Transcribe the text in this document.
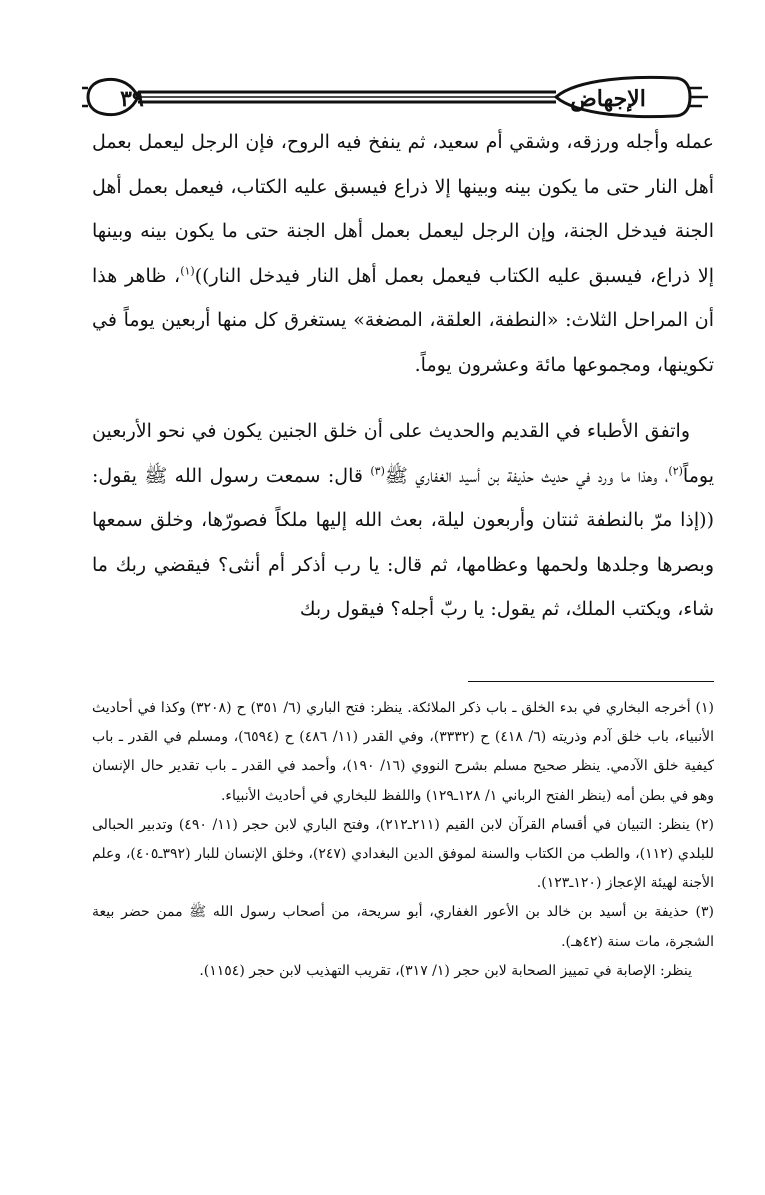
الإجهاض
٣٩

عمله وأجله ورزقه، وشقي أم سعيد، ثم ينفخ فيه الروح، فإن الرجل ليعمل بعمل أهل النار حتى ما يكون بينه وبينها إلا ذراع فيسبق عليه الكتاب، فيعمل بعمل أهل الجنة فيدخل الجنة، وإن الرجل ليعمل بعمل أهل الجنة حتى ما يكون بينه وبينها إلا ذراع، فيسبق عليه الكتاب فيعمل بعمل أهل النار فيدخل النار))$^{(١)}$، ظاهر هذا أن المراحل الثلاث: «النطفة، العلقة، المضغة» يستغرق كل منها أربعين يوماً في تكوينها، ومجموعها مائة وعشرون يوماً.

واتفق الأطباء في القديم والحديث على أن خلق الجنين يكون في نحو الأربعين يوماً$^{(٢)}$، وهذا ما ورد في حديث حذيفة بن أسيد الغفاري ﷺ$^{(٣)}$ قال: سمعت رسول الله ﷺ يقول: ((إذا مرّ بالنطفة ثنتان وأربعون ليلة، بعث الله إليها ملكاً فصورّها، وخلق سمعها وبصرها وجلدها ولحمها وعظامها، ثم قال: يا رب أذكر أم أنثى؟ فيقضي ربك ما شاء، ويكتب الملك، ثم يقول: يا ربّ أجله؟ فيقول ربك

(١) أخرجه البخاري في بدء الخلق ـ باب ذكر الملائكة. ينظر: فتح الباري (٦/ ٣٥١) ح (٣٢٠٨) وكذا في أحاديث الأنبياء، باب خلق آدم وذريته (٦/ ٤١٨) ح (٣٣٣٢)، وفي القدر (١١/ ٤٨٦) ح (٦٥٩٤)، ومسلم في القدر ـ باب كيفية خلق الآدمي. ينظر صحيح مسلم بشرح النووي (١٦/ ١٩٠)، وأحمد في القدر ـ باب تقدير حال الإنسان وهو في بطن أمه (ينظر الفتح الرباني ١/ ١٢٨ـ١٢٩) واللفظ للبخاري في أحاديث الأنبياء.

(٢) ينظر: التبيان في أقسام القرآن لابن القيم (٢١١ـ٢١٢)، وفتح الباري لابن حجر (١١/ ٤٩٠) وتدبير الحبالى للبلدي (١١٢)، والطب من الكتاب والسنة لموفق الدين البغدادي (٢٤٧)، وخلق الإنسان للبار (٣٩٢ـ٤٠٥)، وعلم الأجنة لهيئة الإعجاز (١٢٠ـ١٢٣).

(٣) حذيفة بن أسيد بن خالد بن الأعور الغفاري، أبو سريحة، من أصحاب رسول الله ﷺ ممن حضر بيعة الشجرة، مات سنة (٤٢هـ).

ينظر: الإصابة في تمييز الصحابة لابن حجر (١/ ٣١٧)، تقريب التهذيب لابن حجر (١١٥٤).
